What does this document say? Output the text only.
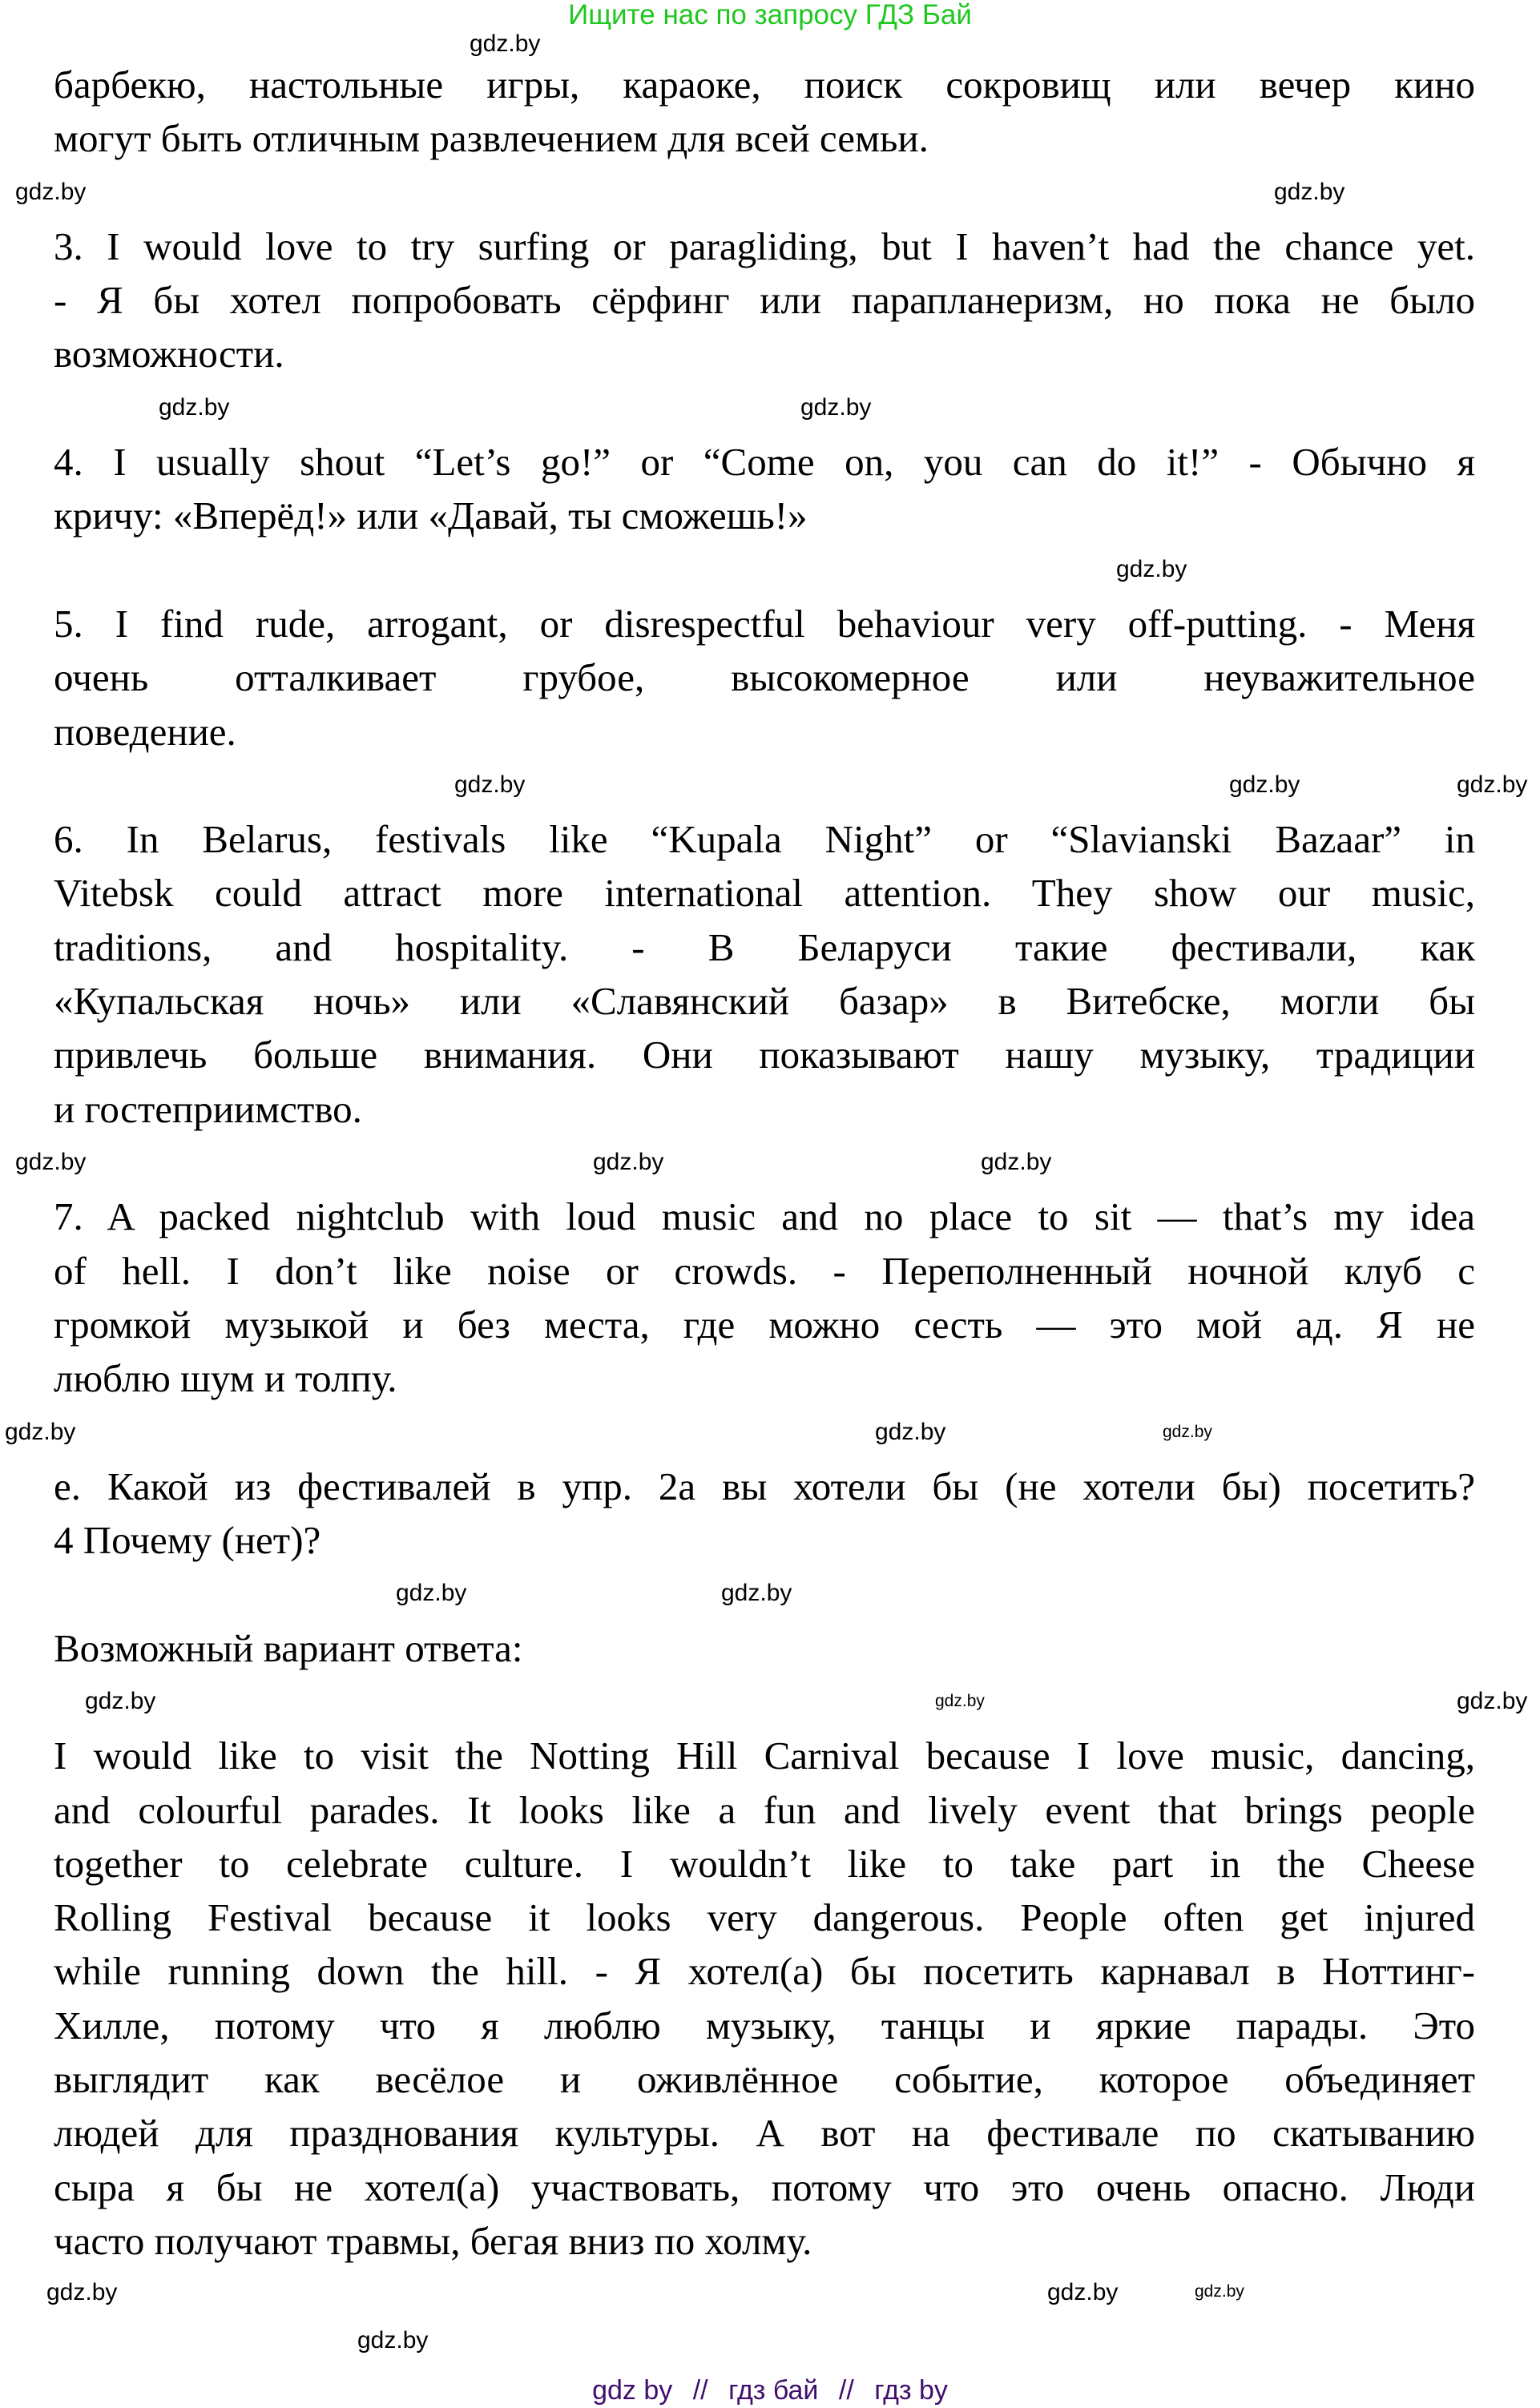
Ищите нас по запросу ГДЗ Бай
барбекю, настольные игры, караоке, поиск сокровищ или вечер кино
могут быть отличным развлечением для всей семьи.
3. I would love to try surfing or paragliding, but I haven’t had the chance yet.
- Я бы хотел попробовать сёрфинг или парапланеризм, но пока не было
возможности.
4. I usually shout “Let’s go!” or “Come on, you can do it!” - Обычно я
кричу: «Вперёд!» или «Давай, ты сможешь!»
5. I find rude, arrogant, or disrespectful behaviour very off-putting. - Меня
очень отталкивает грубое, высокомерное или неуважительное
поведение.
6. In Belarus, festivals like “Kupala Night” or “Slavianski Bazaar” in
Vitebsk could attract more international attention. They show our music,
traditions, and hospitality. - В Беларуси такие фестивали, как
«Купальская ночь» или «Славянский базар» в Витебске, могли бы
привлечь больше внимания. Они показывают нашу музыку, традиции
и гостеприимство.
7. A packed nightclub with loud music and no place to sit — that’s my idea
of hell. I don’t like noise or crowds. - Переполненный ночной клуб с
громкой музыкой и без места, где можно сесть — это мой ад. Я не
люблю шум и толпу.
е. Какой из фестивалей в упр. 2а вы хотели бы (не хотели бы) посетить?
4 Почему (нет)?
Возможный вариант ответа:
I would like to visit the Notting Hill Carnival because I love music, dancing,
and colourful parades. It looks like a fun and lively event that brings people
together to celebrate culture. I wouldn’t like to take part in the Cheese
Rolling Festival because it looks very dangerous. People often get injured
while running down the hill. - Я хотел(а) бы посетить карнавал в Ноттинг-
Хилле, потому что я люблю музыку, танцы и яркие парады. Это
выглядит как весёлое и оживлённое событие, которое объединяет
людей для празднования культуры. А вот на фестивале по скатыванию
сыра я бы не хотел(а) участвовать, потому что это очень опасно. Люди
часто получают травмы, бегая вниз по холму.
gdz.by
gdz.by
gdz.by
gdz.by
gdz.by
gdz.by
gdz.by
gdz.by	gdz.by
gdz.by
gdz.by	gdz.by
gdz.by
gdz.by
gdz.by
gdz.by
gdz.by
gdz.by	gdz.by	gdz.by
gdz.by
gdz.by
gdz.by
gdz.by
gdz by // гдз бай // гдз by
